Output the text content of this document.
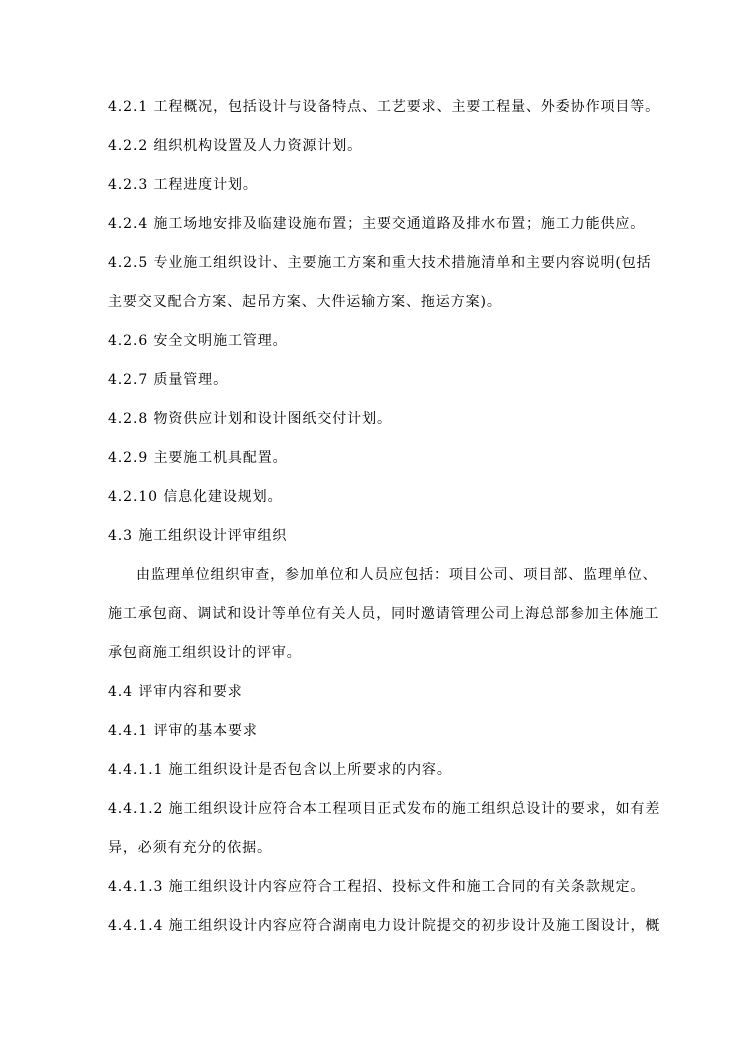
4.2.1 工程概况，包括设计与设备特点、工艺要求、主要工程量、外委协作项目等。
4.2.2 组织机构设置及人力资源计划。
4.2.3 工程进度计划。
4.2.4 施工场地安排及临建设施布置；主要交通道路及排水布置；施工力能供应。
4.2.5 专业施工组织设计、主要施工方案和重大技术措施清单和主要内容说明(包括
主要交叉配合方案、起吊方案、大件运输方案、拖运方案)。
4.2.6 安全文明施工管理。
4.2.7 质量管理。
4.2.8 物资供应计划和设计图纸交付计划。
4.2.9 主要施工机具配置。
4.2.10 信息化建设规划。
4.3 施工组织设计评审组织
由监理单位组织审查，参加单位和人员应包括：项目公司、项目部、监理单位、
施工承包商、调试和设计等单位有关人员，同时邀请管理公司上海总部参加主体施工
承包商施工组织设计的评审。
4.4 评审内容和要求
4.4.1 评审的基本要求
4.4.1.1 施工组织设计是否包含以上所要求的内容。
4.4.1.2 施工组织设计应符合本工程项目正式发布的施工组织总设计的要求，如有差
异，必须有充分的依据。
4.4.1.3 施工组织设计内容应符合工程招、投标文件和施工合同的有关条款规定。
4.4.1.4 施工组织设计内容应符合湖南电力设计院提交的初步设计及施工图设计，概
